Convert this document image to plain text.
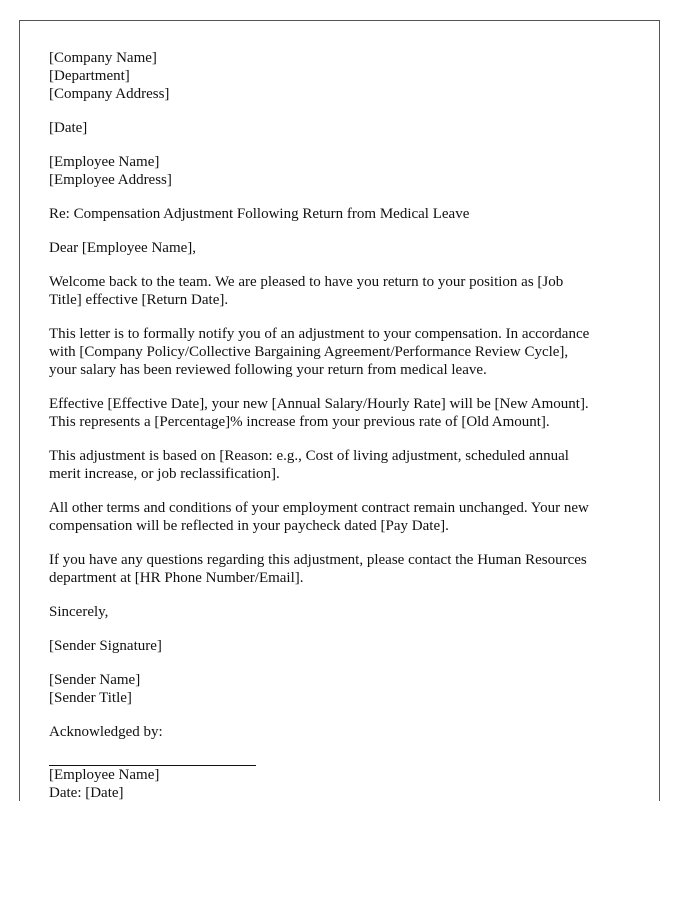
[Company Name]
[Department]
[Company Address]
[Date]
[Employee Name]
[Employee Address]
Re: Compensation Adjustment Following Return from Medical Leave
Dear [Employee Name],
Welcome back to the team. We are pleased to have you return to your position as [Job
Title] effective [Return Date].
This letter is to formally notify you of an adjustment to your compensation. In accordance
with [Company Policy/Collective Bargaining Agreement/Performance Review Cycle],
your salary has been reviewed following your return from medical leave.
Effective [Effective Date], your new [Annual Salary/Hourly Rate] will be [New Amount].
This represents a [Percentage]% increase from your previous rate of [Old Amount].
This adjustment is based on [Reason: e.g., Cost of living adjustment, scheduled annual
merit increase, or job reclassification].
All other terms and conditions of your employment contract remain unchanged. Your new
compensation will be reflected in your paycheck dated [Pay Date].
If you have any questions regarding this adjustment, please contact the Human Resources
department at [HR Phone Number/Email].
Sincerely,
[Sender Signature]
[Sender Name]
[Sender Title]
Acknowledged by:
[Employee Name]
Date: [Date]
